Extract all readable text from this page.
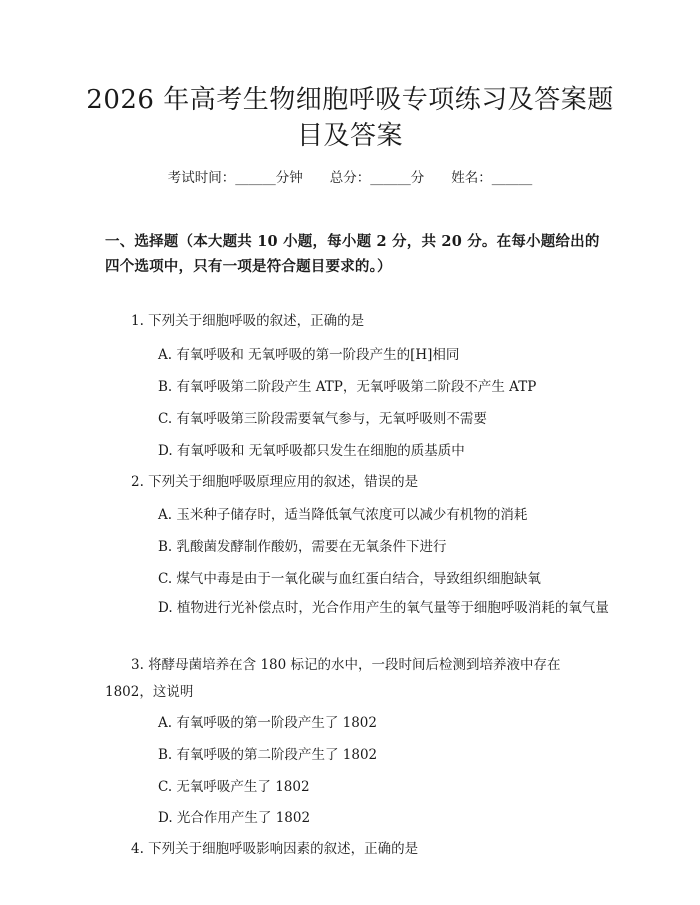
2026 年高考生物细胞呼吸专项练习及答案题
目及答案
考试时间：______分钟　　总分：______分　　姓名：______
一、选择题（本大题共 10 小题，每小题 2 分，共 20 分。在每小题给出的四个选项中，只有一项是符合题目要求的。）
1. 下列关于细胞呼吸的叙述，正确的是
A. 有氧呼吸和 无氧呼吸的第一阶段产生的[H]相同
B. 有氧呼吸第二阶段产生 ATP，无氧呼吸第二阶段不产生 ATP
C. 有氧呼吸第三阶段需要氧气参与，无氧呼吸则不需要
D. 有氧呼吸和 无氧呼吸都只发生在细胞的质基质中
2. 下列关于细胞呼吸原理应用的叙述，错误的是
A. 玉米种子储存时，适当降低氧气浓度可以减少有机物的消耗
B. 乳酸菌发酵制作酸奶，需要在无氧条件下进行
C. 煤气中毒是由于一氧化碳与血红蛋白结合，导致组织细胞缺氧
D. 植物进行光补偿点时，光合作用产生的氧气量等于细胞呼吸消耗的氧气量
3. 将酵母菌培养在含 180 标记的水中，一段时间后检测到培养液中存在 1802，这说明
A. 有氧呼吸的第一阶段产生了 1802
B. 有氧呼吸的第二阶段产生了 1802
C. 无氧呼吸产生了 1802
D. 光合作用产生了 1802
4. 下列关于细胞呼吸影响因素的叙述，正确的是
